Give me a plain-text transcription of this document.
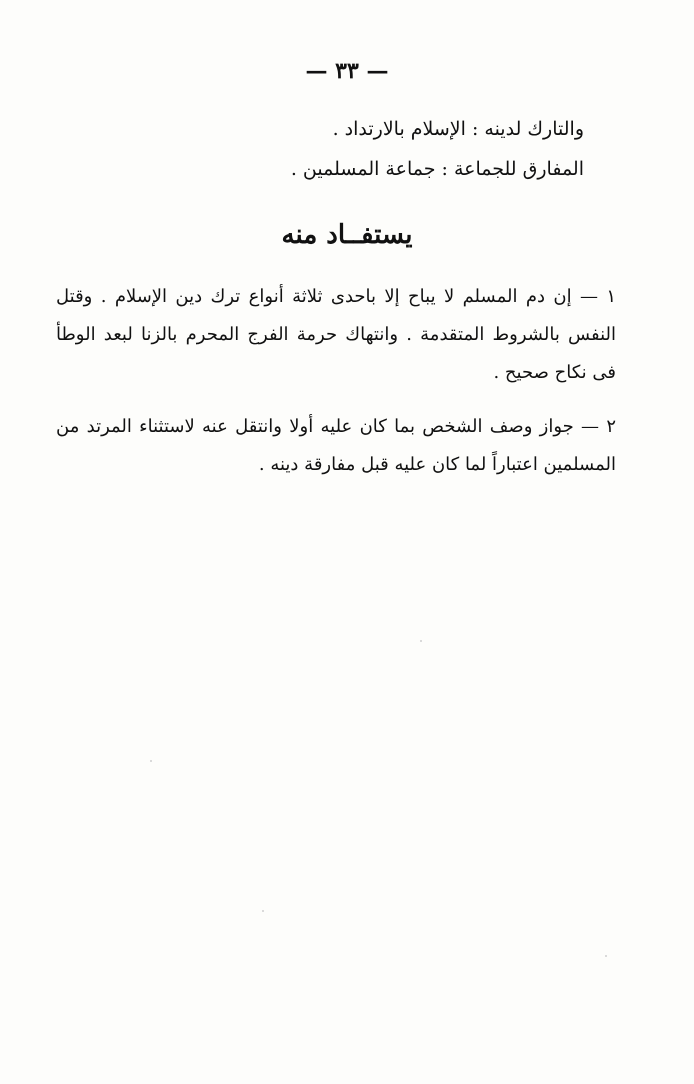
— ٣٣ —
والتارك لدينه : الإسلام بالارتداد .
المفارق للجماعة : جماعة المسلمين .
يستفــاد منه
١ — إن دم المسلم لا يباح إلا باحدى ثلاثة أنواع ترك دين الإسلام . وقتل النفس بالشروط المتقدمة . وانتهاك حرمة الفرج المحرم بالزنا لبعد الوطأ فى نكاح صحيح .
٢ — جواز وصف الشخص بما كان عليه أولا وانتقل عنه لاستثناء المرتد من المسلمين اعتباراً لما كان عليه قبل مفارقة دينه .
